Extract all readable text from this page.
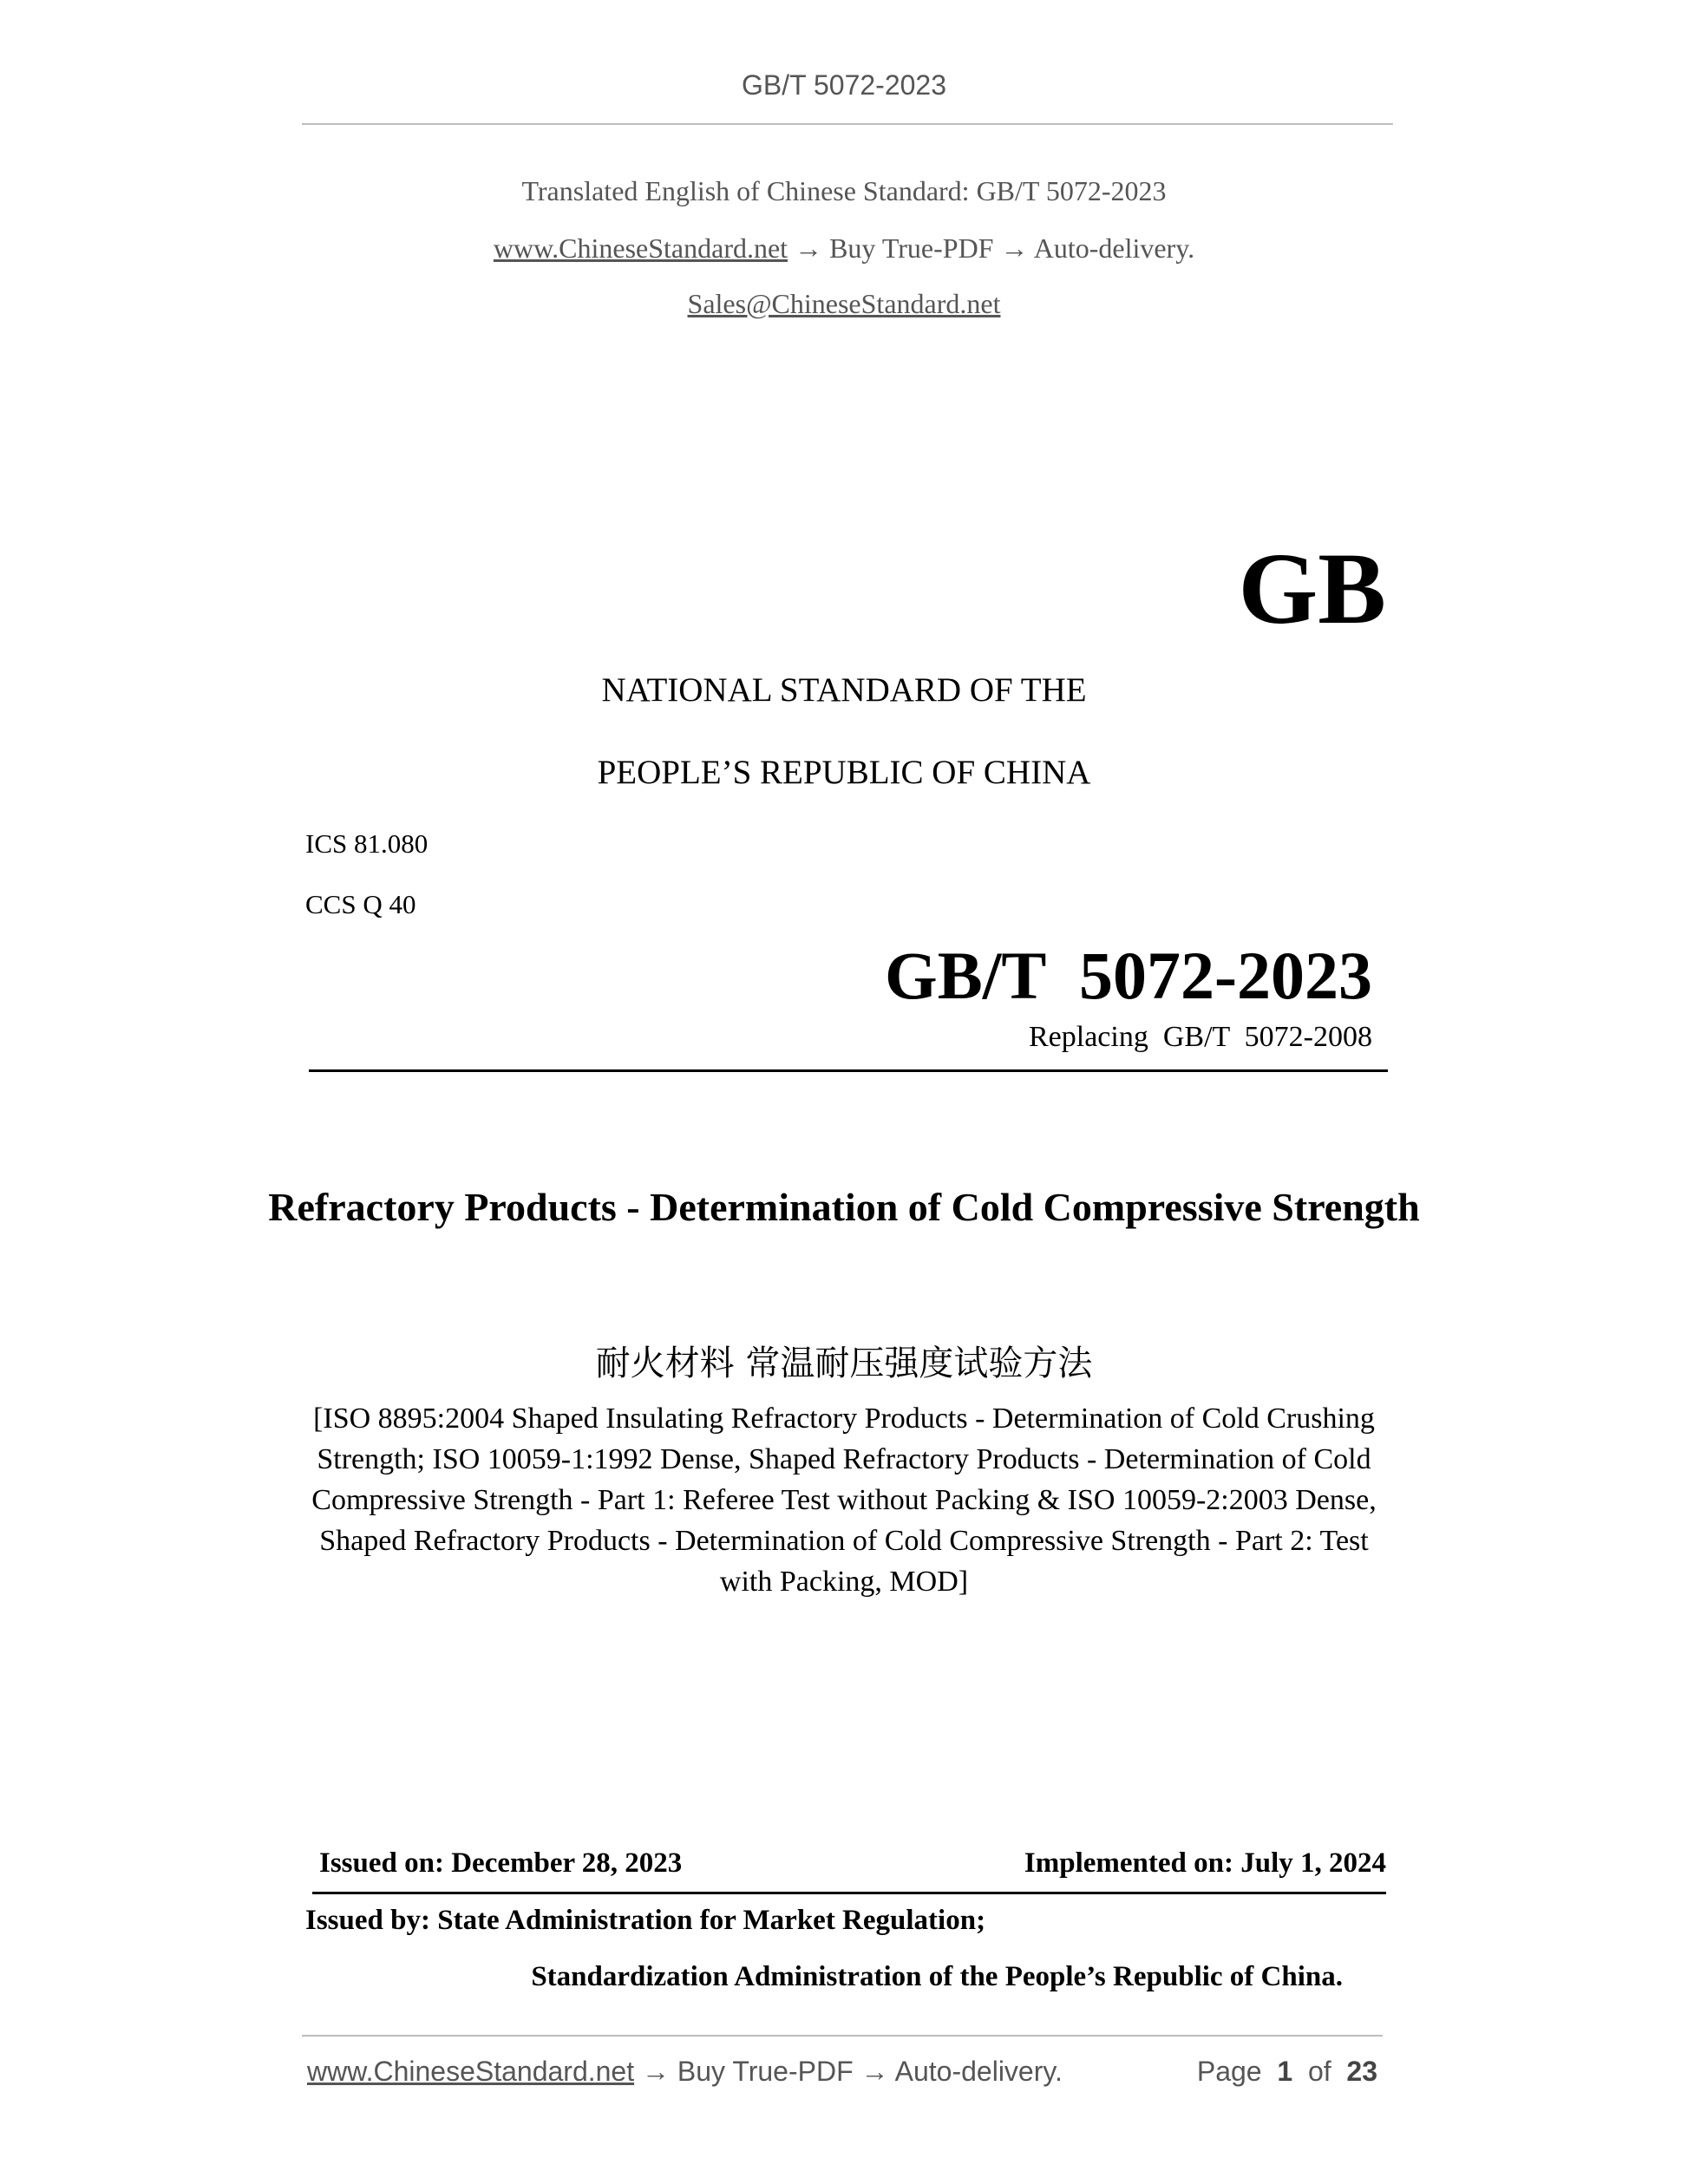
GB/T 5072-2023
Translated English of Chinese Standard: GB/T 5072-2023
www.ChineseStandard.net → Buy True-PDF → Auto-delivery.
Sales@ChineseStandard.net
GB
NATIONAL STANDARD OF THE
PEOPLE’S REPUBLIC OF CHINA
ICS 81.080
CCS Q 40
GB/T  5072-2023
Replacing  GB/T  5072-2008
Refractory Products - Determination of Cold Compressive Strength
耐火材料 常温耐压强度试验方法
[ISO 8895:2004 Shaped Insulating Refractory Products - Determination of Cold Crushing Strength; ISO 10059-1:1992 Dense, Shaped Refractory Products - Determination of Cold Compressive Strength - Part 1: Referee Test without Packing & ISO 10059-2:2003 Dense, Shaped Refractory Products - Determination of Cold Compressive Strength - Part 2: Test with Packing, MOD]
Issued on: December 28, 2023	Implemented on: July 1, 2024
Issued by: State Administration for Market Regulation;
Standardization Administration of the People’s Republic of China.
www.ChineseStandard.net → Buy True-PDF → Auto-delivery.	Page 1 of 23
